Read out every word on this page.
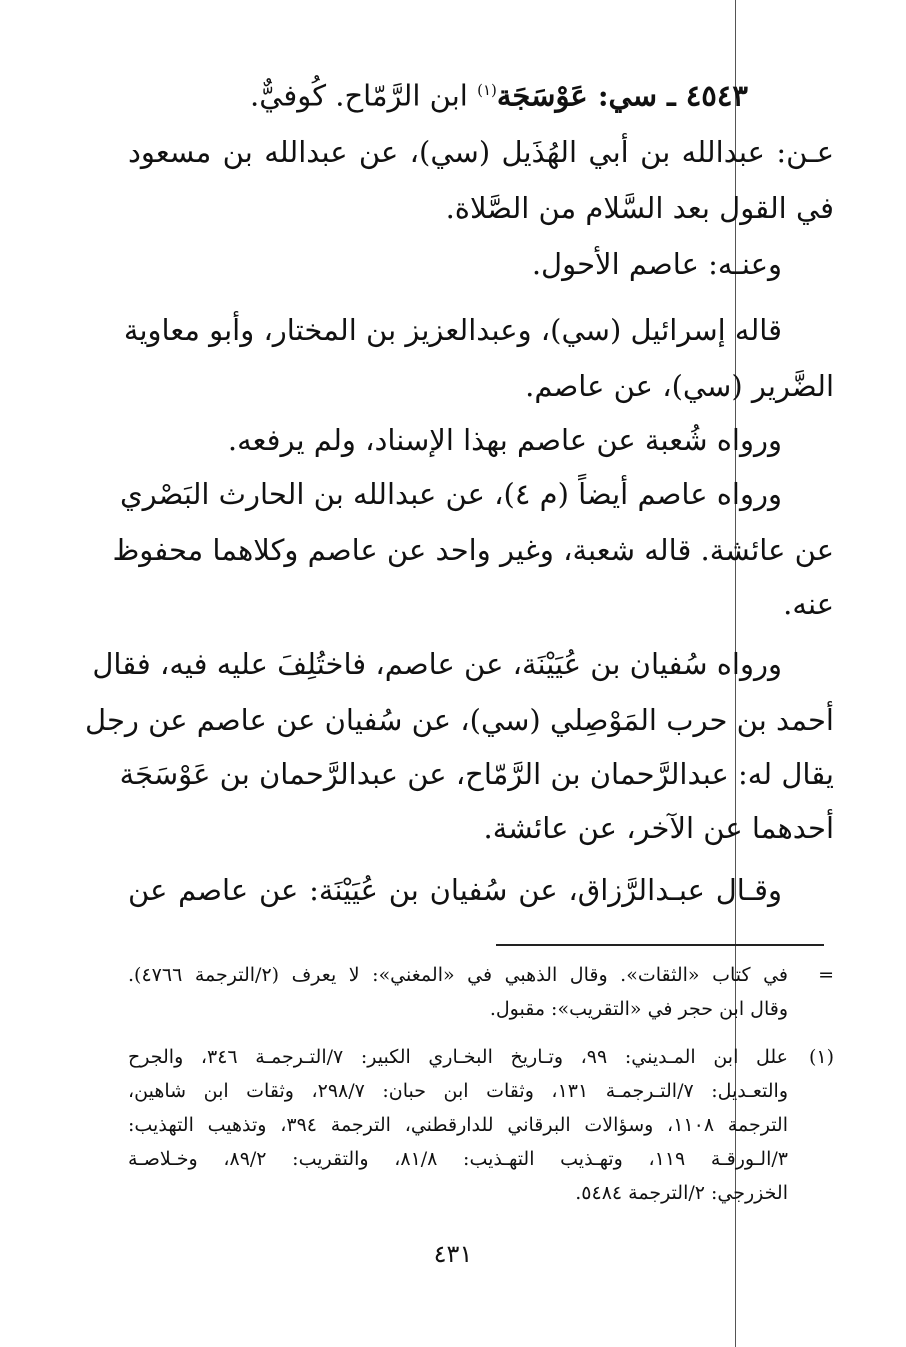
٤٥٤٣ ـ سي: عَوْسَجَة$^{(١)}$ ابن الرَّمّاح. كُوفيٌّ.
عـن: عبدالله بن أبي الهُذَيل (سي)، عن عبدالله بن مسعود
في القول بعد السَّلام من الصَّلاة.
وعنـه: عاصم الأحول.
قاله إسرائيل (سي)، وعبدالعزيز بن المختار، وأبو معاوية
الضَّرير (سي)، عن عاصم.
ورواه شُعبة عن عاصم بهذا الإسناد، ولم يرفعه.
ورواه عاصم أيضاً (م ٤)، عن عبدالله بن الحارث البَصْري
عن عائشة. قاله شعبة، وغير واحد عن عاصم وكلاهما محفوظ
عنه.
ورواه سُفيان بن عُيَيْنَة، عن عاصم، فاختُلِفَ عليه فيه، فقال
أحمد بن حرب المَوْصِلي (سي)، عن سُفيان عن عاصم عن رجل
يقال له: عبدالرَّحمان بن الرَّمّاح، عن عبدالرَّحمان بن عَوْسَجَة
أحدهما عن الآخر، عن عائشة.
وقـال عبـدالرَّزاق، عن سُفيان بن عُيَيْنَة: عن عاصم عن
=
في كتاب «الثقات». وقال الذهبي في «المغني»: لا يعرف (٢/الترجمة ٤٧٦٦).
وقال ابن حجر في «التقريب»: مقبول.
(١)
علل ابن المـديني: ٩٩، وتـاريخ البخـاري الكبير: ٧/التـرجمـة ٣٤٦، والجرح
والتعـديل: ٧/التـرجمـة ١٣١، وثقات ابن حبان: ٢٩٨/٧، وثقات ابن شاهين،
الترجمة ١١٠٨، وسؤالات البرقاني للدارقطني، الترجمة ٣٩٤، وتذهيب التهذيب:
٣/الـورقـة ١١٩، وتهـذيب التهـذيب: ٨١/٨، والتقريب: ٨٩/٢، وخـلاصـة
الخزرجي: ٢/الترجمة ٥٤٨٤.
٤٣١
